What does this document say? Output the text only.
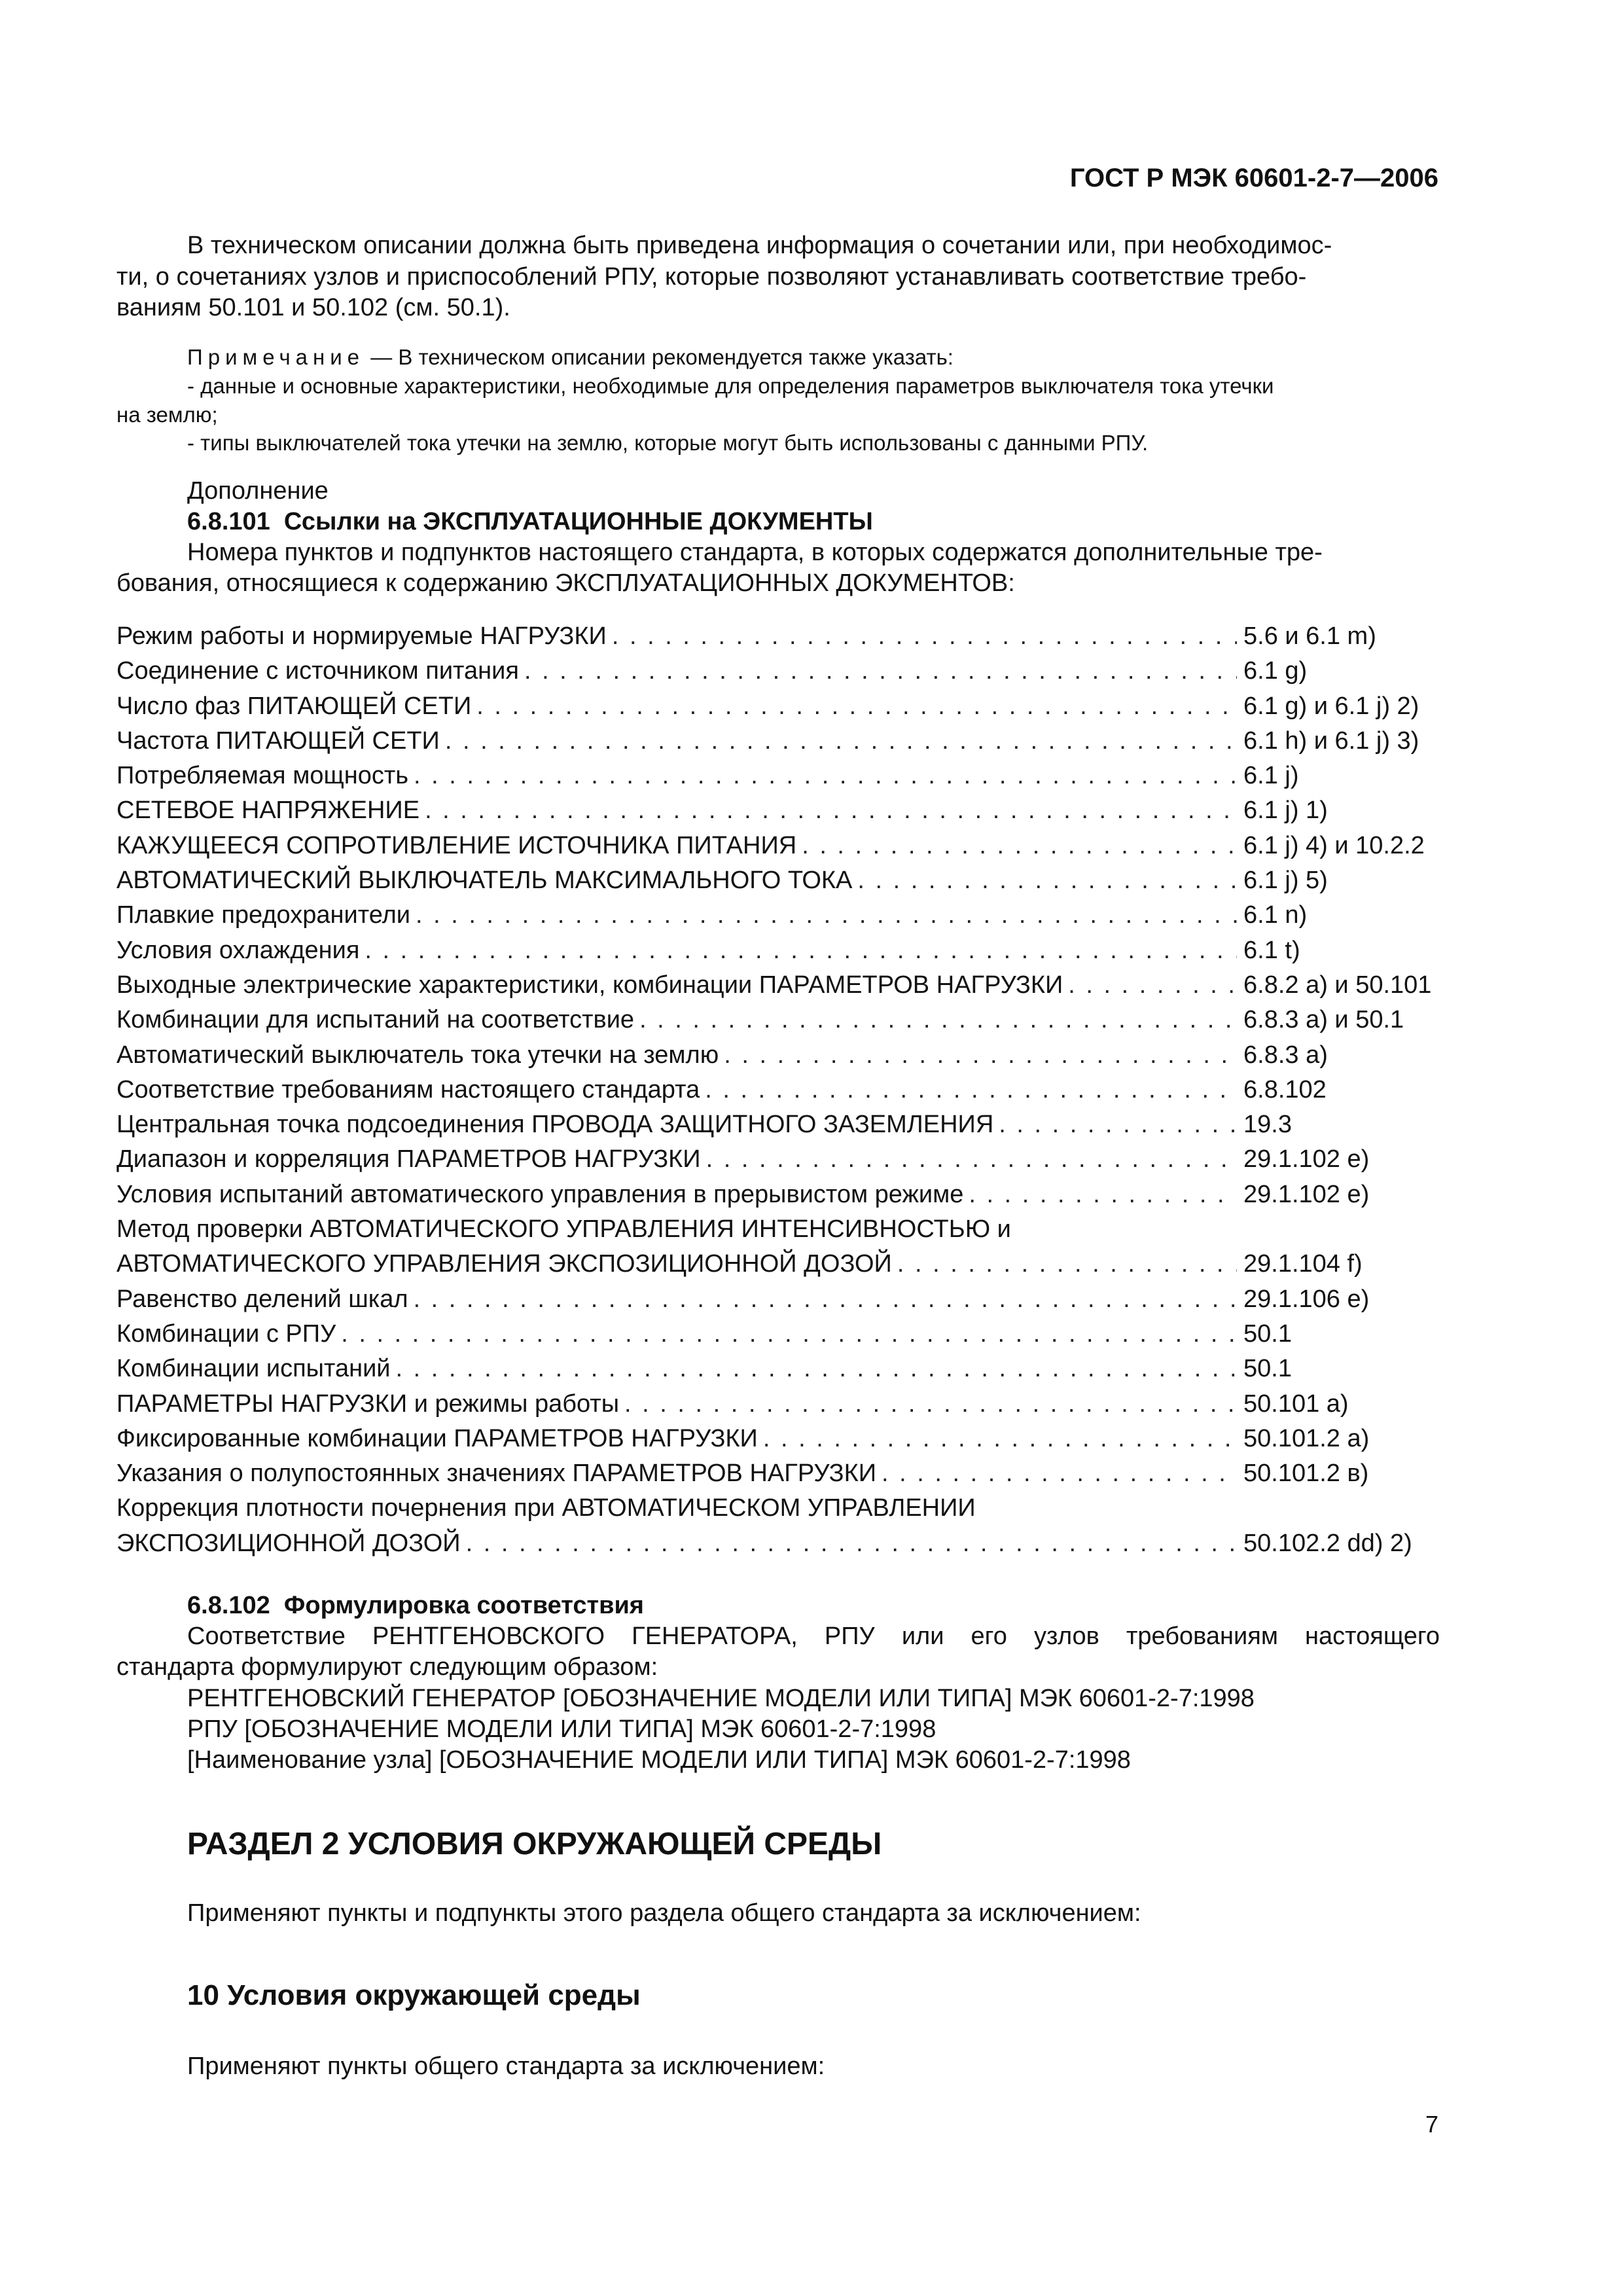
ГОСТ Р МЭК 60601-2-7—2006
В техническом описании должна быть приведена информация о сочетании или, при необходимос-
ти, о сочетаниях узлов и приспособлений РПУ, которые позволяют устанавливать соответствие требо-
ваниям 50.101 и 50.102 (см. 50.1).
Примечание — В техническом описании рекомендуется также указать:
- данные и основные характеристики, необходимые для определения параметров выключателя тока утечки
на землю;
- типы выключателей тока утечки на землю, которые могут быть использованы с данными РПУ.
Дополнение
6.8.101 Ссылки на ЭКСПЛУАТАЦИОННЫЕ ДОКУМЕНТЫ
Номера пунктов и подпунктов настоящего стандарта, в которых содержатся дополнительные тре-
бования, относящиеся к содержанию ЭКСПЛУАТАЦИОННЫХ ДОКУМЕНТОВ:
Режим работы и нормируемые НАГРУЗКИ . . .	5.6 и 6.1 m)
Соединение с источником питания . . .	6.1 g)
Число фаз ПИТАЮЩЕЙ СЕТИ . . .	6.1 g) и 6.1 j) 2)
Частота ПИТАЮЩЕЙ СЕТИ . . .	6.1 h) и 6.1 j) 3)
Потребляемая мощность . . .	6.1 j)
СЕТЕВОЕ НАПРЯЖЕНИЕ . . .	6.1 j) 1)
КАЖУЩЕЕСЯ СОПРОТИВЛЕНИЕ ИСТОЧНИКА ПИТАНИЯ . . .	6.1 j) 4) и 10.2.2
АВТОМАТИЧЕСКИЙ ВЫКЛЮЧАТЕЛЬ МАКСИМАЛЬНОГО ТОКА . . .	6.1 j) 5)
Плавкие предохранители . . .	6.1 n)
Условия охлаждения . . .	6.1 t)
Выходные электрические характеристики, комбинации ПАРАМЕТРОВ НАГРУЗКИ . . .	6.8.2 a) и 50.101
Комбинации для испытаний на соответствие . . .	6.8.3 a) и 50.1
Автоматический выключатель тока утечки на землю . . .	6.8.3 a)
Соответствие требованиям настоящего стандарта . . .	6.8.102
Центральная точка подсоединения ПРОВОДА ЗАЩИТНОГО ЗАЗЕМЛЕНИЯ . . .	19.3
Диапазон и корреляция ПАРАМЕТРОВ НАГРУЗКИ . . .	29.1.102 e)
Условия испытаний автоматического управления в прерывистом режиме . . .	29.1.102 e)
Метод проверки АВТОМАТИЧЕСКОГО УПРАВЛЕНИЯ ИНТЕНСИВНОСТЬЮ и
АВТОМАТИЧЕСКОГО УПРАВЛЕНИЯ ЭКСПОЗИЦИОННОЙ ДОЗОЙ . . .	29.1.104 f)
Равенство делений шкал . . .	29.1.106 e)
Комбинации с РПУ . . .	50.1
Комбинации испытаний . . .	50.1
ПАРАМЕТРЫ НАГРУЗКИ и режимы работы . . .	50.101 a)
Фиксированные комбинации ПАРАМЕТРОВ НАГРУЗКИ . . .	50.101.2 a)
Указания о полупостоянных значениях ПАРАМЕТРОВ НАГРУЗКИ . . .	50.101.2 в)
Коррекция плотности почернения при АВТОМАТИЧЕСКОМ УПРАВЛЕНИИ
ЭКСПОЗИЦИОННОЙ ДОЗОЙ . . .	50.102.2 dd) 2)
6.8.102 Формулировка соответствия
Соответствие РЕНТГЕНОВСКОГО ГЕНЕРАТОРА, РПУ или его узлов требованиям настоящего
стандарта формулируют следующим образом:
РЕНТГЕНОВСКИЙ ГЕНЕРАТОР [ОБОЗНАЧЕНИЕ МОДЕЛИ ИЛИ ТИПА] МЭК 60601-2-7:1998
РПУ [ОБОЗНАЧЕНИЕ МОДЕЛИ ИЛИ ТИПА] МЭК 60601-2-7:1998
[Наименование узла] [ОБОЗНАЧЕНИЕ МОДЕЛИ ИЛИ ТИПА] МЭК 60601-2-7:1998
РАЗДЕЛ 2 УСЛОВИЯ ОКРУЖАЮЩЕЙ СРЕДЫ
Применяют пункты и подпункты этого раздела общего стандарта за исключением:
10 Условия окружающей среды
Применяют пункты общего стандарта за исключением:
7
